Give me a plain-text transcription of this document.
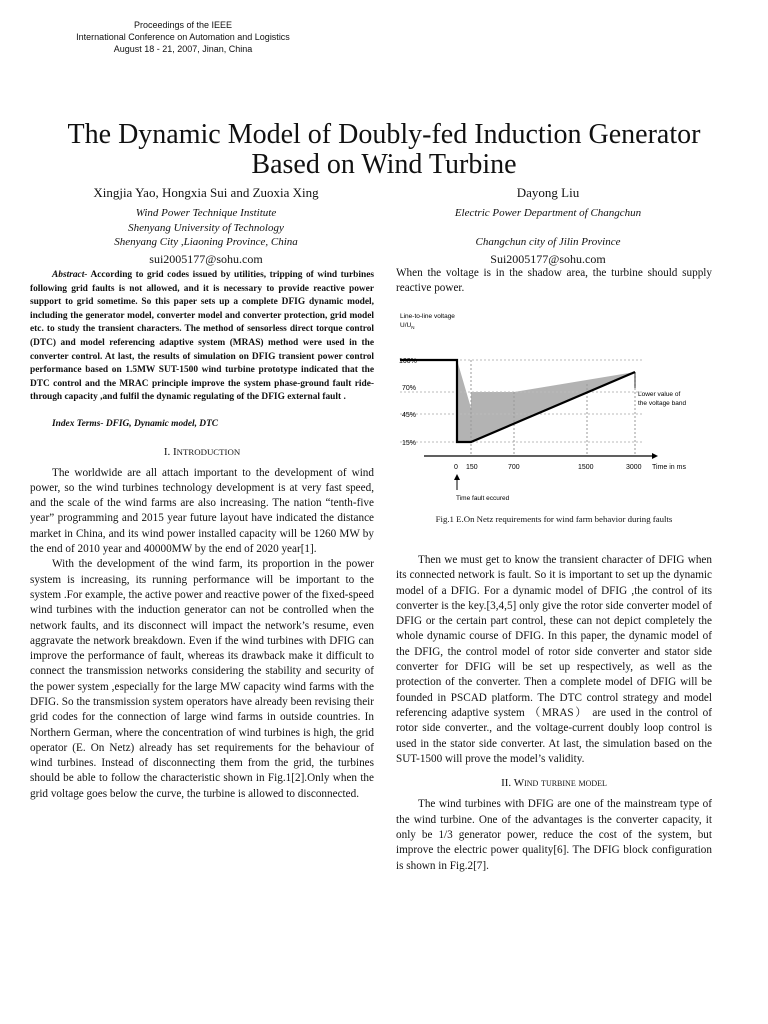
Proceedings of the IEEE
International Conference on Automation and Logistics
August 18 - 21, 2007, Jinan, China
The Dynamic Model of Doubly-fed Induction Generator
Based on Wind Turbine
Xingjia Yao, Hongxia Sui and Zuoxia Xing
Wind Power Technique Institute
Shenyang University of Technology
Shenyang City ,Liaoning Province, China
sui2005177@sohu.com
Dayong Liu
Electric Power Department of Changchun
Changchun city of Jilin Province
Sui2005177@sohu.com
Abstract- According to grid codes issued by utilities, tripping of wind turbines following grid faults is not allowed, and it is necessary to provide reactive power support to grid sometime. So this paper sets up a complete DFIG dynamic model, including the generator model, converter model and converter protection, grid model etc. to study the transient characters. The method of sensorless direct torque control (DTC) and model referencing adaptive system (MRAS) method were used in the converter control. At last, the results of simulation on DFIG transient power control performance based on 1.5MW SUT-1500 wind turbine prototype indicated that the DTC control and the MRAC principle improve the system phase-ground fault ride-through capacity ,and fulfil the dynamic regulating of the DFIG external fault .
Index Terms- DFIG, Dynamic model, DTC
I. INTRODUCTION

The worldwide are all attach important to the development of wind power, so the wind turbines technology development is at very fast speed, and the scale of the wind farms are also increasing. The nation “tenth-five year” programming and 2015 year future layout have indicated the distance market in China, and its wind power installed capacity will be 1260 MW by the end of 2010 year and 40000MW by the end of 2020 year[1].

With the development of the wind farm, its proportion in the power system is increasing, its running performance will be important to the system .For example, the active power and reactive power of the fixed-speed wind turbines with the induction generator can not be controlled when the network faults, and its disconnect will impact the network’s resume, even aggravate the network breakdown. Even if the wind turbines with DFIG can improve the performance of fault, whereas its drawback make it difficult to connect the transmission networks considering the stability and security of the power system ,especially for the large MW capacity wind farms with the DFIG. So the transmission system operators have already been revising their grid codes for the connection of large wind farms in outside countries. In Northern German, where the concentration of wind turbines is high, the grid operator (E. On Netz) already has set requirements for the behaviour of wind turbines. Instead of disconnecting them from the grid, the turbines should be able to follow the characteristic shown in Fig.1[2].Only when the grid voltage goes below the curve, the turbine is allowed to disconnected.

When the voltage is in the shadow area, the turbine should supply reactive power.

100%
70%
45%
15%
Line-to-line voltage
$U/U_N$
0 150	700	1500	3000 Time in ms
Time fault eccured
Lower value of
the voltage band
Fig.1 E.On Netz requirements for wind farm behavior during faults

Then we must get to know the transient character of DFIG when its connected network is fault. So it is important to set up the dynamic model of a DFIG. For a dynamic model of DFIG ,the control of its converter is the key.[3,4,5] only give the rotor side converter model of DFIG or the certain part control, these can not depict completely the whole dynamic course of DFIG. In this paper, the dynamic model of the DFIG, the control model of rotor side converter and stator side converter for DFIG will be set up respectively, as well as the protection of the converter. Then a complete model of DFIG will be founded in PSCAD platform. The DTC control strategy and model referencing adaptive system （MRAS） are used in the control of rotor side converter., and the voltage-current doubly loop control is used in the stator side converter. At last, the simulation based on the SUT-1500 will prove the model’s validity.

II. Wind turbine model

The wind turbines with DFIG are one of the mainstream type of the wind turbine. One of the advantages is the converter capacity, it only be 1/3 generator power, reduce the cost of the system, but improve the electric power quality[6]. The DFIG block configuration is shown in Fig.2[7].
